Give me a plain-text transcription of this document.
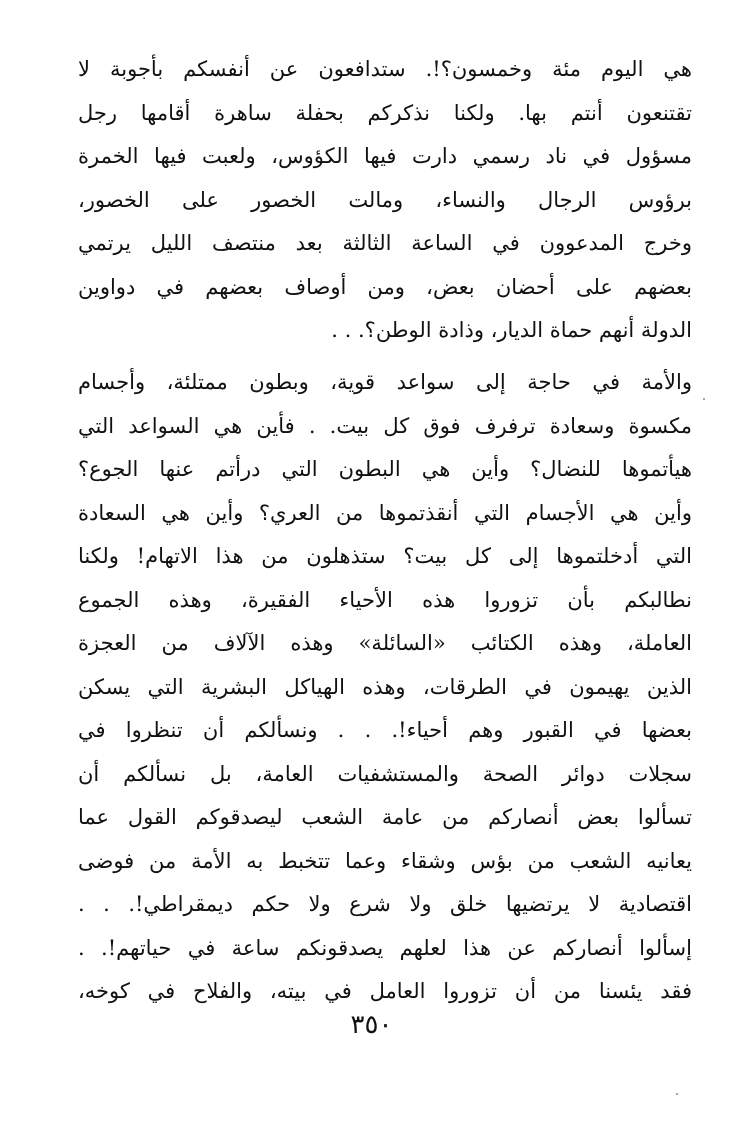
هي اليوم مئة وخمسون؟!. ستدافعون عن أنفسكم بأجوبة لا
تقتنعون أنتم بها. ولكنا نذكركم بحفلة ساهرة أقامها رجل
مسؤول في ناد رسمي دارت فيها الكؤوس، ولعبت فيها الخمرة
برؤوس الرجال والنساء، ومالت الخصور على الخصور،
وخرج المدعوون في الساعة الثالثة بعد منتصف الليل يرتمي
بعضهم على أحضان بعض، ومن أوصاف بعضهم في دواوين
الدولة أنهم حماة الديار، وذادة الوطن؟. . .
والأمة في حاجة إلى سواعد قوية، وبطون ممتلئة، وأجسام
مكسوة وسعادة ترفرف فوق كل بيت. . فأين هي السواعد التي
هيأتموها للنضال؟ وأين هي البطون التي درأتم عنها الجوع؟
وأين هي الأجسام التي أنقذتموها من العري؟ وأين هي السعادة
التي أدخلتموها إلى كل بيت؟ ستذهلون من هذا الاتهام! ولكنا
نطالبكم بأن تزوروا هذه الأحياء الفقيرة، وهذه الجموع
العاملة، وهذه الكتائب «السائلة» وهذه الآلاف من العجزة
الذين يهيمون في الطرقات، وهذه الهياكل البشرية التي يسكن
بعضها في القبور وهم أحياء!. . . ونسألكم أن تنظروا في
سجلات دوائر الصحة والمستشفيات العامة، بل نسألكم أن
تسألوا بعض أنصاركم من عامة الشعب ليصدقوكم القول عما
يعانيه الشعب من بؤس وشقاء وعما تتخبط به الأمة من فوضى
اقتصادية لا يرتضيها خلق ولا شرع ولا حكم ديمقراطي!. . .
إسألوا أنصاركم عن هذا لعلهم يصدقونكم ساعة في حياتهم!. .
فقد يئسنا من أن تزوروا العامل في بيته، والفلاح في كوخه،
٣٥٠
